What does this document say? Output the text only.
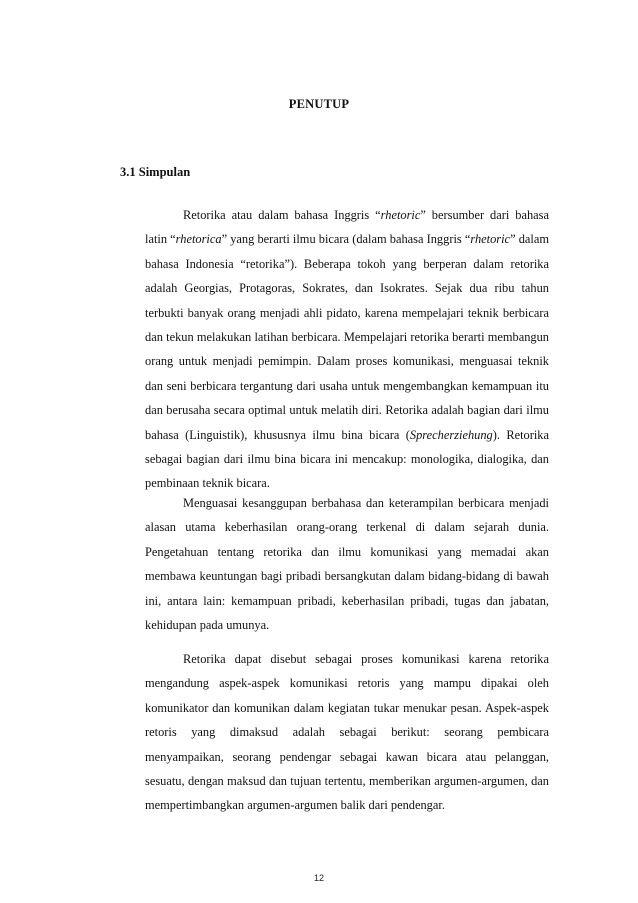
PENUTUP
3.1 Simpulan

Retorika atau dalam bahasa Inggris “rhetoric” bersumber dari bahasa latin “rhetorica” yang berarti ilmu bicara (dalam bahasa Inggris “rhetoric” dalam bahasa Indonesia “retorika”). Beberapa tokoh yang berperan dalam retorika adalah Georgias, Protagoras, Sokrates, dan Isokrates. Sejak dua ribu tahun terbukti banyak orang menjadi ahli pidato, karena mempelajari teknik berbicara dan tekun melakukan latihan berbicara. Mempelajari retorika berarti membangun orang untuk menjadi pemimpin. Dalam proses komunikasi, menguasai teknik dan seni berbicara tergantung dari usaha untuk mengembangkan kemampuan itu dan berusaha secara optimal untuk melatih diri. Retorika adalah bagian dari ilmu bahasa (Linguistik), khususnya ilmu bina bicara (Sprecherziehung). Retorika sebagai bagian dari ilmu bina bicara ini mencakup: monologika, dialogika, dan pembinaan teknik bicara.

Menguasai kesanggupan berbahasa dan keterampilan berbicara menjadi alasan utama keberhasilan orang-orang terkenal di dalam sejarah dunia. Pengetahuan tentang retorika dan ilmu komunikasi yang memadai akan membawa keuntungan bagi pribadi bersangkutan dalam bidang-bidang di bawah ini, antara lain: kemampuan pribadi, keberhasilan pribadi, tugas dan jabatan, kehidupan pada umunya.

Retorika dapat disebut sebagai proses komunikasi karena retorika mengandung aspek-aspek komunikasi retoris yang mampu dipakai oleh komunikator dan komunikan dalam kegiatan tukar menukar pesan. Aspek-aspek retoris yang dimaksud adalah sebagai berikut: seorang pembicara menyampaikan, seorang pendengar sebagai kawan bicara atau pelanggan, sesuatu, dengan maksud dan tujuan tertentu, memberikan argumen-argumen, dan mempertimbangkan argumen-argumen balik dari pendengar.

12
